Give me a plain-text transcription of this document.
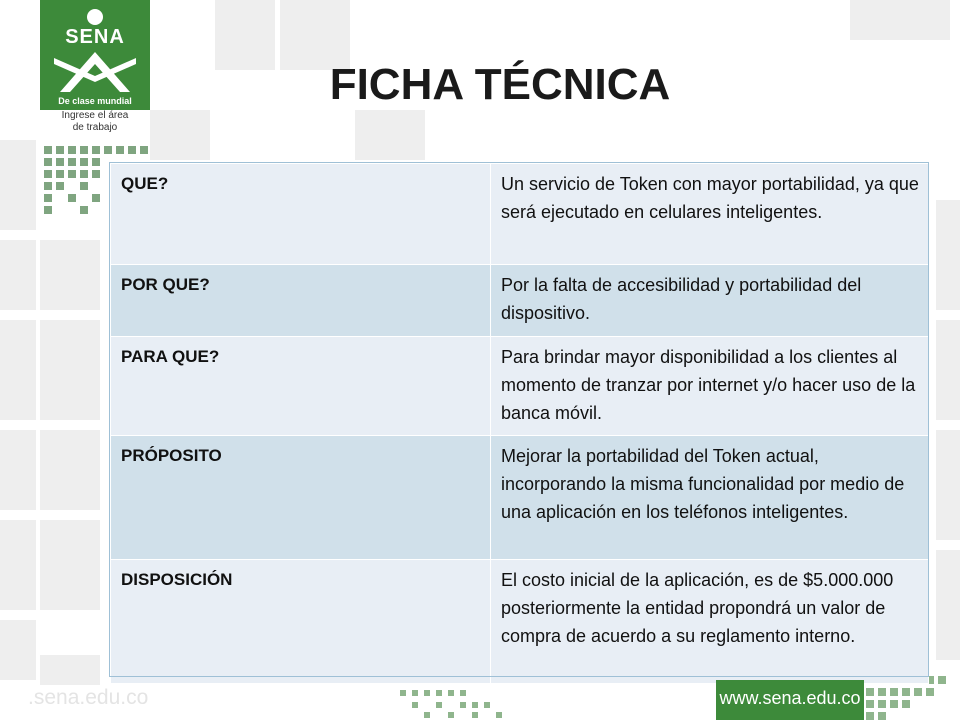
SENA
De clase mundial
Ingrese el área
de trabajo
FICHA TÉCNICA
QUE?	Un servicio de Token con mayor portabilidad, ya que será ejecutado en celulares inteligentes.
POR QUE?	Por la falta de accesibilidad y portabilidad del dispositivo.
PARA QUE?	Para brindar mayor disponibilidad a los clientes al momento de tranzar por internet y/o hacer uso de la banca móvil.
PRÓPOSITO	Mejorar la portabilidad del Token actual, incorporando la misma funcionalidad por medio de una aplicación en los teléfonos inteligentes.
DISPOSICIÓN	El costo inicial de la aplicación, es de $5.000.000 posteriormente la entidad propondrá un valor de compra de acuerdo a su reglamento interno.
.sena.edu.co	www.sena.edu.co
